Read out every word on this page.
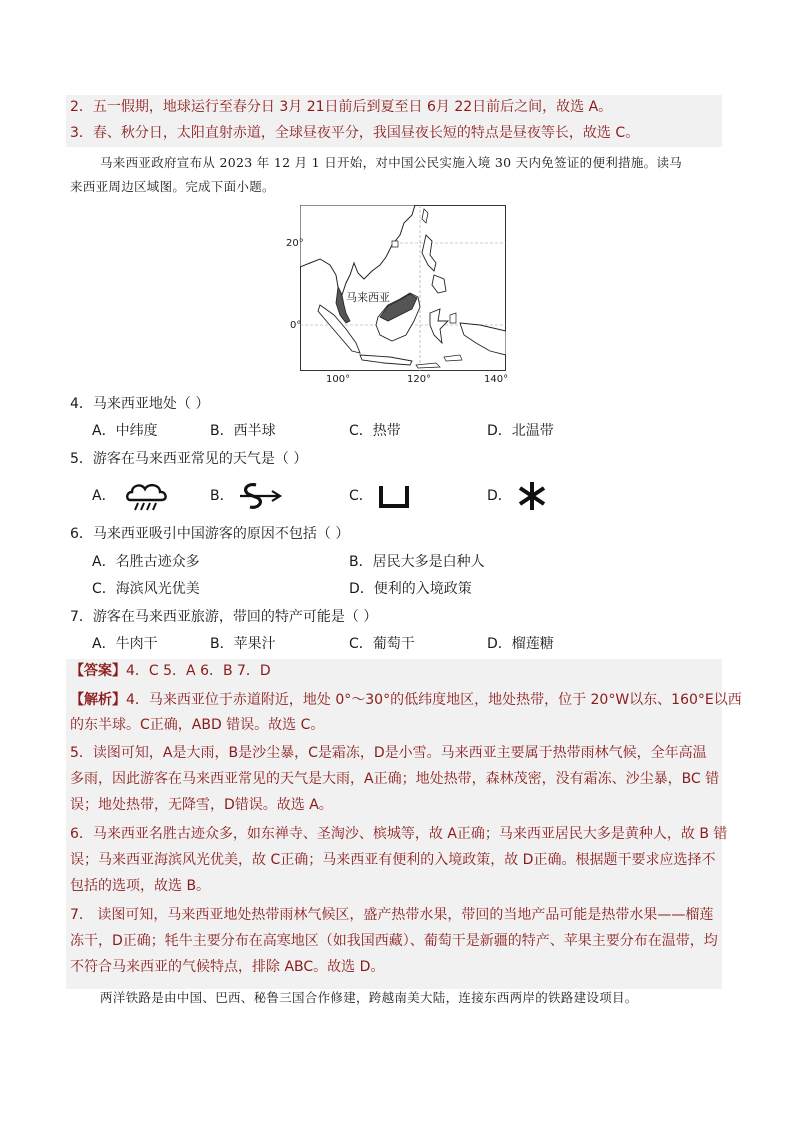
2．五一假期，地球运行至春分日 3月 21日前后到夏至日 6月 22日前后之间，故选 A。
3．春、秋分日，太阳直射赤道，全球昼夜平分，我国昼夜长短的特点是昼夜等长，故选 C。
马来西亚政府宣布从 2023 年 12 月 1 日开始，对中国公民实施入境 30 天内免签证的便利措施。读马
来西亚周边区域图。完成下面小题。
马来西亚
20°
0°
100°	120°	140°
4．马来西亚地处（ ）
A．中纬度	B．西半球	C．热带	D．北温带
5．游客在马来西亚常见的天气是（ ）
A．	B．	C．	D．
6．马来西亚吸引中国游客的原因不包括（ ）
A．名胜古迹众多	B．居民大多是白种人
C．海滨风光优美	D．便利的入境政策
7．游客在马来西亚旅游，带回的特产可能是（ ）
A．牛肉干	B．苹果汁	C．葡萄干	D．榴莲糖
【答案】4．C 5．A 6．B 7．D
【解析】4．马来西亚位于赤道附近，地处 0°～30°的低纬度地区，地处热带，位于 20°W以东、160°E以西
的东半球。C正确，ABD 错误。故选 C。
5．读图可知，A是大雨，B是沙尘暴，C是霜冻，D是小雪。马来西亚主要属于热带雨林气候，全年高温
多雨，因此游客在马来西亚常见的天气是大雨，A正确；地处热带，森林茂密，没有霜冻、沙尘暴，BC 错
误；地处热带，无降雪，D错误。故选 A。
6．马来西亚名胜古迹众多，如东禅寺、圣淘沙、槟城等，故 A正确；马来西亚居民大多是黄种人，故 B 错
误；马来西亚海滨风光优美，故 C正确；马来西亚有便利的入境政策，故 D正确。根据题干要求应选择不
包括的选项，故选 B。
7． 读图可知，马来西亚地处热带雨林气候区，盛产热带水果，带回的当地产品可能是热带水果——榴莲
冻干，D正确；牦牛主要分布在高寒地区（如我国西藏）、葡萄干是新疆的特产、苹果主要分布在温带，均
不符合马来西亚的气候特点，排除 ABC。故选 D。
两洋铁路是由中国、巴西、秘鲁三国合作修建，跨越南美大陆，连接东西两岸的铁路建设项目。
